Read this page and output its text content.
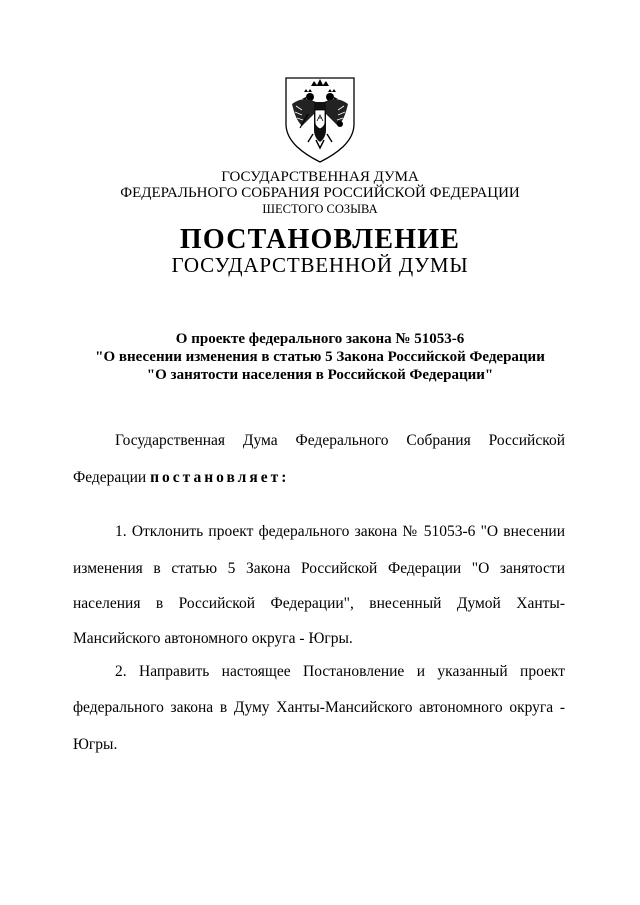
ГОСУДАРСТВЕННАЯ ДУМА

ФЕДЕРАЛЬНОГО СОБРАНИЯ РОССИЙСКОЙ ФЕДЕРАЦИИ

ШЕСТОГО СОЗЫВА

ПОСТАНОВЛЕНИЕ

ГОСУДАРСТВЕННОЙ ДУМЫ

О проекте федерального закона № 51053-6

"О внесении изменения в статью 5 Закона Российской Федерации

"О занятости населения в Российской Федерации"

Государственная Дума Федерального Собрания Российской

Федерации постановляет:

1. Отклонить проект федерального закона № 51053-6 "О внесении

изменения в статью 5 Закона Российской Федерации "О занятости

населения в Российской Федерации", внесенный Думой Ханты-

Мансийского автономного округа - Югры.

2. Направить настоящее Постановление и указанный проект

федерального закона в Думу Ханты-Мансийского автономного округа -

Югры.
